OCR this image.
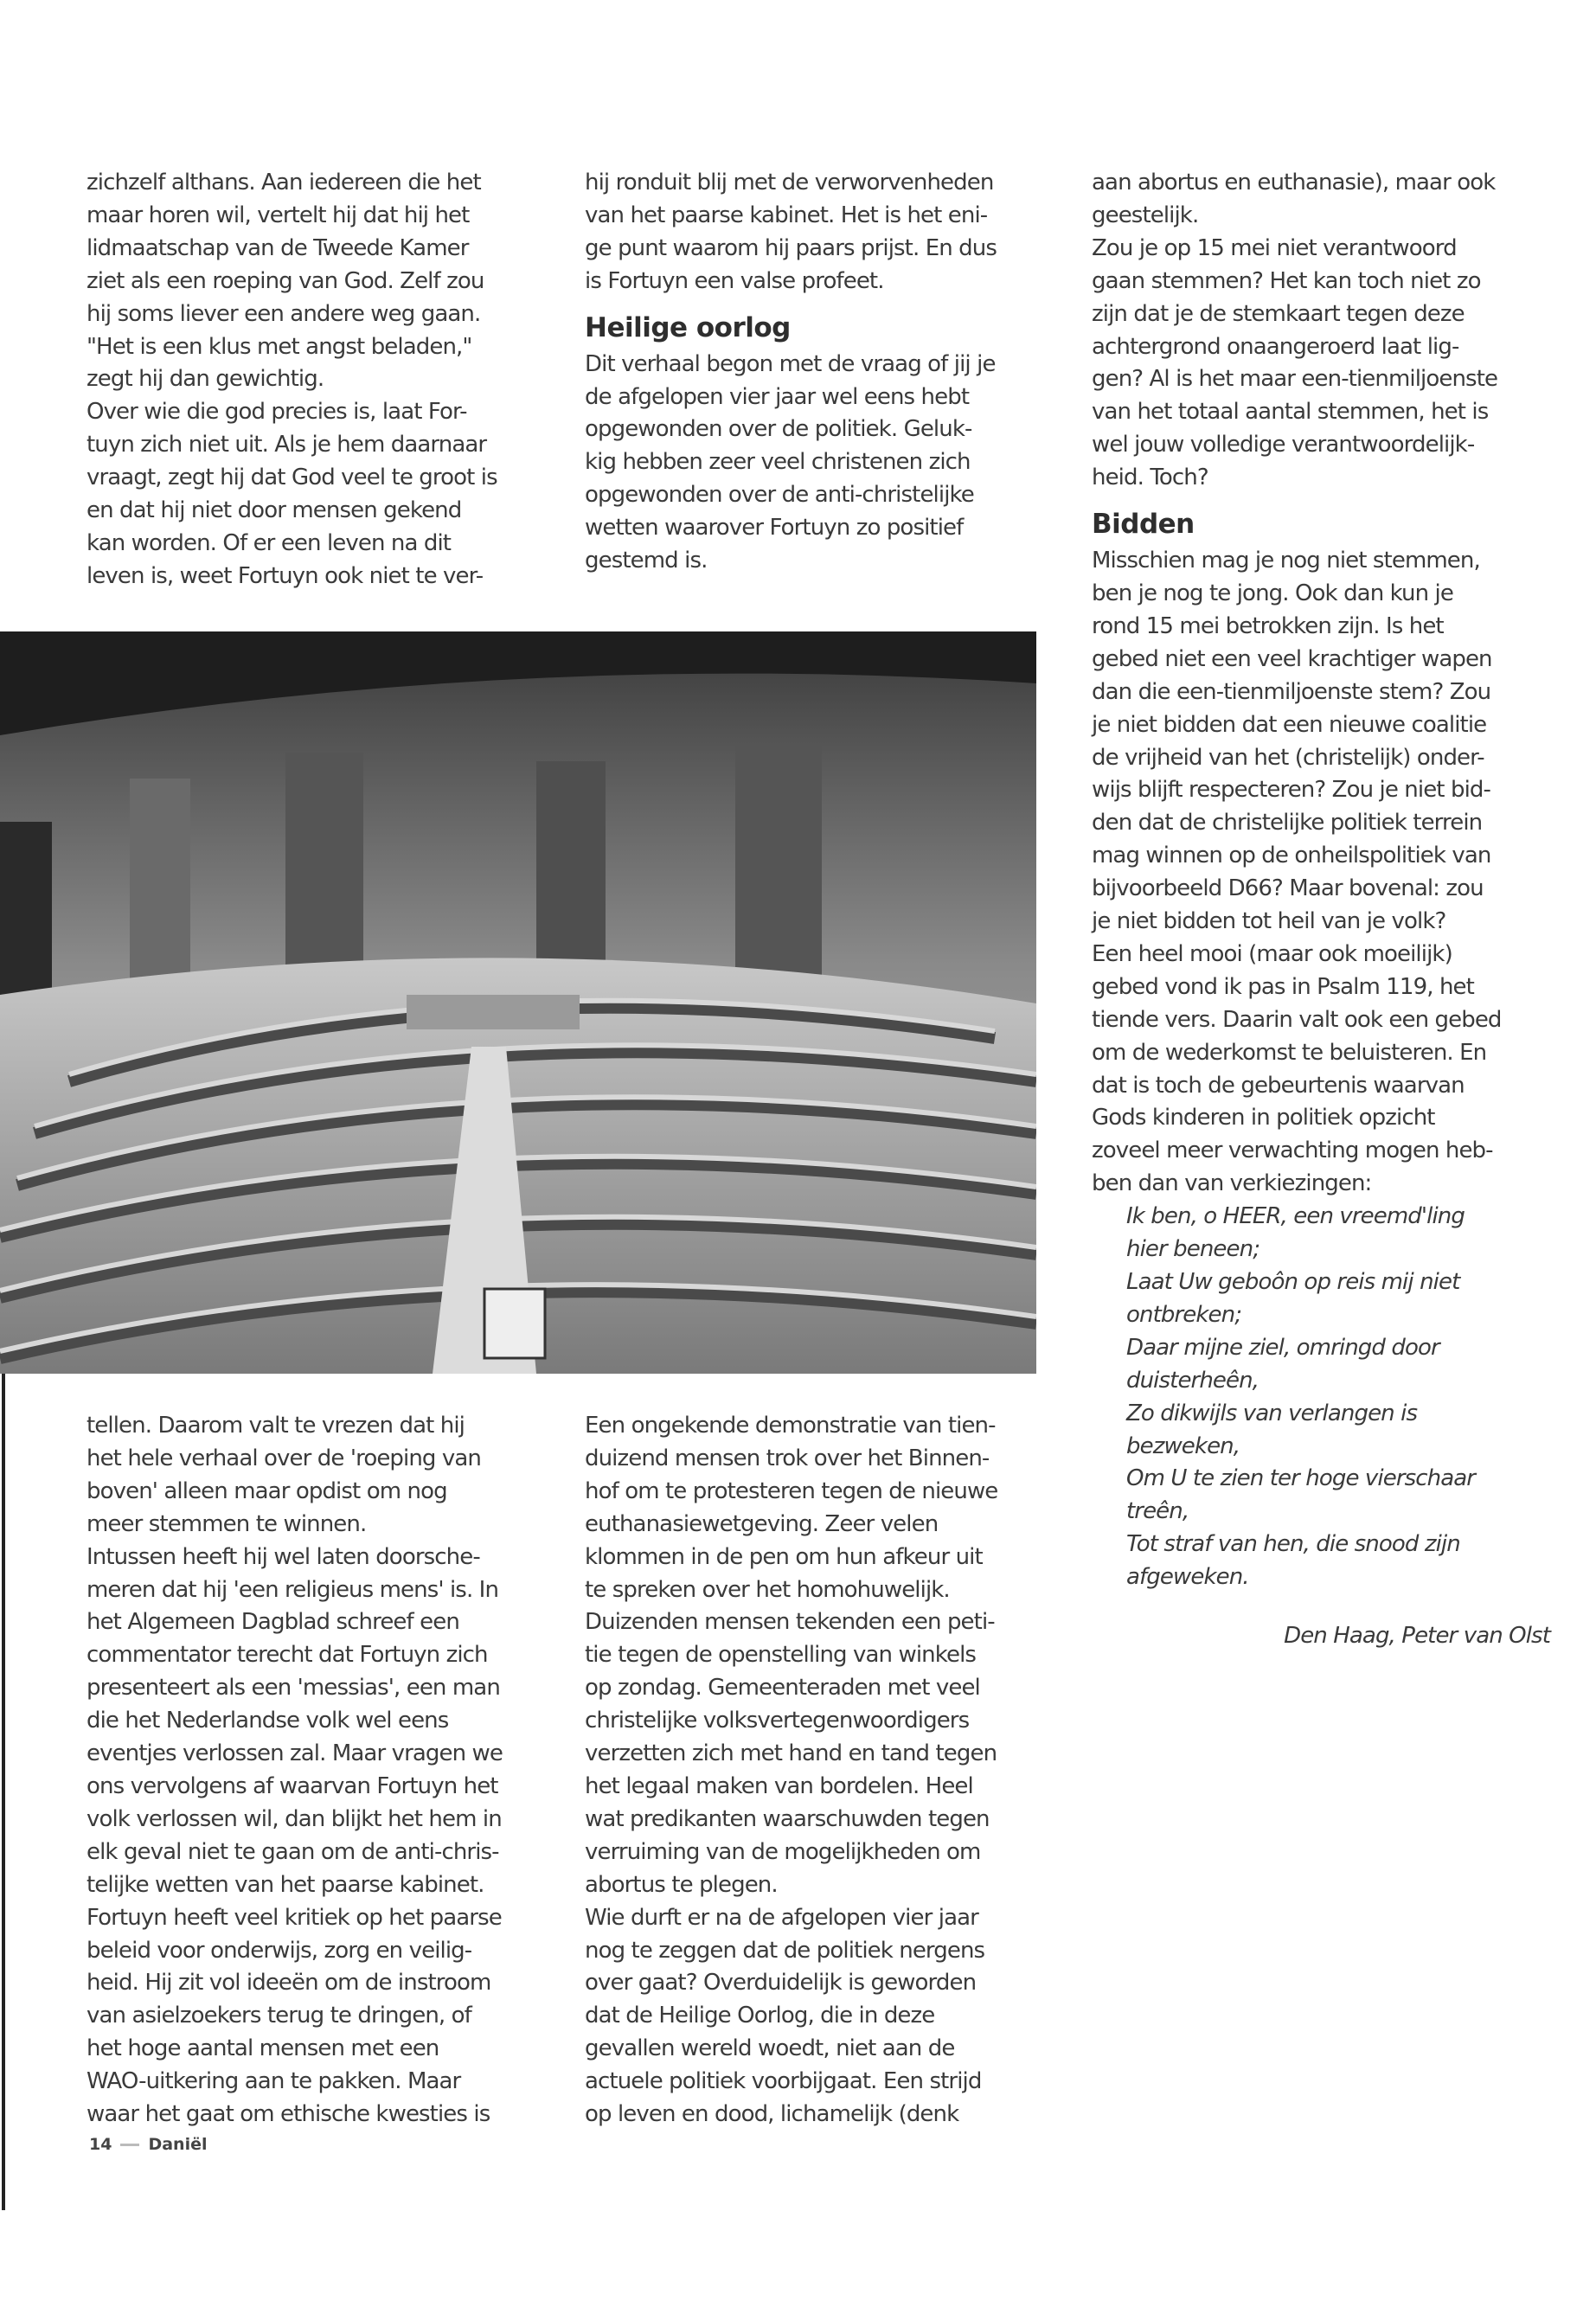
zichzelf althans. Aan iedereen die het
maar horen wil, vertelt hij dat hij het
lidmaatschap van de Tweede Kamer
ziet als een roeping van God. Zelf zou
hij soms liever een andere weg gaan.
"Het is een klus met angst beladen,"
zegt hij dan gewichtig.
Over wie die god precies is, laat For-
tuyn zich niet uit. Als je hem daarnaar
vraagt, zegt hij dat God veel te groot is
en dat hij niet door mensen gekend
kan worden. Of er een leven na dit
leven is, weet Fortuyn ook niet te ver-
hij ronduit blij met de verworvenheden
van het paarse kabinet. Het is het eni-
ge punt waarom hij paars prijst. En dus
is Fortuyn een valse profeet.
Heilige oorlog
Dit verhaal begon met de vraag of jij je
de afgelopen vier jaar wel eens hebt
opgewonden over de politiek. Geluk-
kig hebben zeer veel christenen zich
opgewonden over de anti-christelijke
wetten waarover Fortuyn zo positief
gestemd is.
aan abortus en euthanasie), maar ook
geestelijk.
Zou je op 15 mei niet verantwoord
gaan stemmen? Het kan toch niet zo
zijn dat je de stemkaart tegen deze
achtergrond onaangeroerd laat lig-
gen? Al is het maar een-tienmiljoenste
van het totaal aantal stemmen, het is
wel jouw volledige verantwoordelijk-
heid. Toch?
Bidden
Misschien mag je nog niet stemmen,
ben je nog te jong. Ook dan kun je
rond 15 mei betrokken zijn. Is het
gebed niet een veel krachtiger wapen
dan die een-tienmiljoenste stem? Zou
je niet bidden dat een nieuwe coalitie
de vrijheid van het (christelijk) onder-
wijs blijft respecteren? Zou je niet bid-
den dat de christelijke politiek terrein
mag winnen op de onheilspolitiek van
bijvoorbeeld D66? Maar bovenal: zou
je niet bidden tot heil van je volk?
Een heel mooi (maar ook moeilijk)
gebed vond ik pas in Psalm 119, het
tiende vers. Daarin valt ook een gebed
om de wederkomst te beluisteren. En
dat is toch de gebeurtenis waarvan
Gods kinderen in politiek opzicht
zoveel meer verwachting mogen heb-
ben dan van verkiezingen:
Ik ben, o HEER, een vreemd'ling
hier beneen;
Laat Uw geboôn op reis mij niet
ontbreken;
Daar mijne ziel, omringd door
duisterheên,
Zo dikwijls van verlangen is
bezweken,
Om U te zien ter hoge vierschaar
treên,
Tot straf van hen, die snood zijn
afgeweken.
Den Haag, Peter van Olst
tellen. Daarom valt te vrezen dat hij
het hele verhaal over de 'roeping van
boven' alleen maar opdist om nog
meer stemmen te winnen.
Intussen heeft hij wel laten doorsche-
meren dat hij 'een religieus mens' is. In
het Algemeen Dagblad schreef een
commentator terecht dat Fortuyn zich
presenteert als een 'messias', een man
die het Nederlandse volk wel eens
eventjes verlossen zal. Maar vragen we
ons vervolgens af waarvan Fortuyn het
volk verlossen wil, dan blijkt het hem in
elk geval niet te gaan om de anti-chris-
telijke wetten van het paarse kabinet.
Fortuyn heeft veel kritiek op het paarse
beleid voor onderwijs, zorg en veilig-
heid. Hij zit vol ideeën om de instroom
van asielzoekers terug te dringen, of
het hoge aantal mensen met een
WAO-uitkering aan te pakken. Maar
waar het gaat om ethische kwesties is
Een ongekende demonstratie van tien-
duizend mensen trok over het Binnen-
hof om te protesteren tegen de nieuwe
euthanasiewetgeving. Zeer velen
klommen in de pen om hun afkeur uit
te spreken over het homohuwelijk.
Duizenden mensen tekenden een peti-
tie tegen de openstelling van winkels
op zondag. Gemeenteraden met veel
christelijke volksvertegenwoordigers
verzetten zich met hand en tand tegen
het legaal maken van bordelen. Heel
wat predikanten waarschuwden tegen
verruiming van de mogelijkheden om
abortus te plegen.
Wie durft er na de afgelopen vier jaar
nog te zeggen dat de politiek nergens
over gaat? Overduidelijk is geworden
dat de Heilige Oorlog, die in deze
gevallen wereld woedt, niet aan de
actuele politiek voorbijgaat. Een strijd
op leven en dood, lichamelijk (denk
14 Daniël
